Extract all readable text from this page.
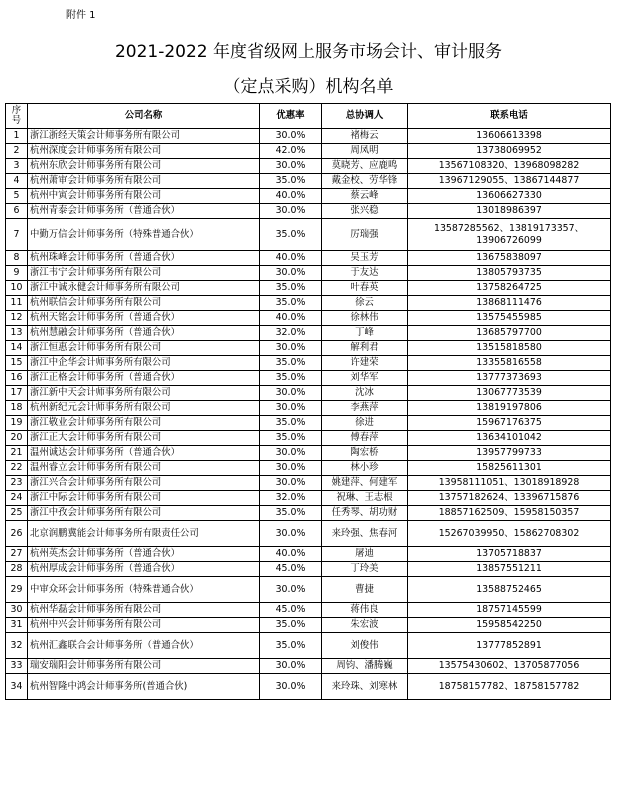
附件 1
2021-2022 年度省级网上服务市场会计、审计服务
（定点采购）机构名单
序号	公司名称	优惠率	总协调人	联系电话
1	浙江浙经天策会计师事务所有限公司	30.0%	褚梅云	13606613398
2	杭州深度会计师事务所有限公司	42.0%	周凤明	13738069952
3	杭州东欣会计师事务所有限公司	30.0%	莫晓芳、应鹿鸣	13567108320、13968098282
4	杭州萧审会计师事务所有限公司	35.0%	戴金校、劳华锋	13967129055、13867144877
5	杭州中寅会计师事务所有限公司	40.0%	蔡云峰	13606627330
6	杭州青泰会计师事务所（普通合伙）	30.0%	张兴稳	13018986397
7	中勤万信会计师事务所（特殊普通合伙）	35.0%	厉瑞强	13587285562、13819173357、13906726099
8	杭州珠峰会计师事务所（普通合伙）	40.0%	吴玉芳	13675838097
9	浙江韦宁会计师事务所有限公司	30.0%	于友达	13805793735
10	浙江中诚永健会计师事务所有限公司	35.0%	叶春英	13758264725
11	杭州联信会计师事务所有限公司	35.0%	徐云	13868111476
12	杭州天铭会计师事务所（普通合伙）	40.0%	徐林伟	13575455985
13	杭州慧融会计师事务所（普通合伙）	32.0%	丁峰	13685797700
14	浙江恒惠会计师事务所有限公司	30.0%	解利君	13515818580
15	浙江中企华会计师事务所有限公司	35.0%	许建荣	13355816558
16	浙江正格会计师事务所（普通合伙）	35.0%	刘华军	13777373693
17	浙江新中天会计师事务所有限公司	30.0%	沈冰	13067773539
18	杭州新纪元会计师事务所有限公司	30.0%	李燕萍	13819197806
19	浙江敬业会计师事务所有限公司	35.0%	徐进	15967176375
20	浙江正大会计师事务所有限公司	35.0%	傅春萍	13634101042
21	温州诚达会计师事务所（普通合伙）	30.0%	陶宏桥	13957799733
22	温州睿立会计师事务所有限公司	30.0%	林小珍	15825611301
23	浙江兴合会计师事务所有限公司	30.0%	姚建萍、何建军	13958111051、13018918928
24	浙江中际会计师事务所有限公司	32.0%	祝琳、王志根	13757182624、13396715876
25	浙江中孜会计师事务所有限公司	35.0%	任秀琴、胡功财	18857162509、15958150357
26	北京润鹏冀能会计师事务所有限责任公司	30.0%	来玲强、焦春河	15267039950、15862708302
27	杭州英杰会计师事务所（普通合伙）	40.0%	屠迪	13705718837
28	杭州厚成会计师事务所（普通合伙）	45.0%	丁玲美	13857551211
29	中审众环会计师事务所（特殊普通合伙）	30.0%	曹捷	13588752465
30	杭州华磊会计师事务所有限公司	45.0%	蒋伟良	18757145599
31	杭州中兴会计师事务所有限公司	35.0%	朱宏波	15958542250
32	杭州汇鑫联合会计师事务所（普通合伙）	35.0%	刘俊伟	13777852891
33	瑞安瑞阳会计师事务所有限公司	30.0%	周钧、潘腾巍	13575430602、13705877056
34	杭州智隆中鸿会计师事务所(普通合伙)	30.0%	来玲珠、刘寒林	18758157782、18758157782
